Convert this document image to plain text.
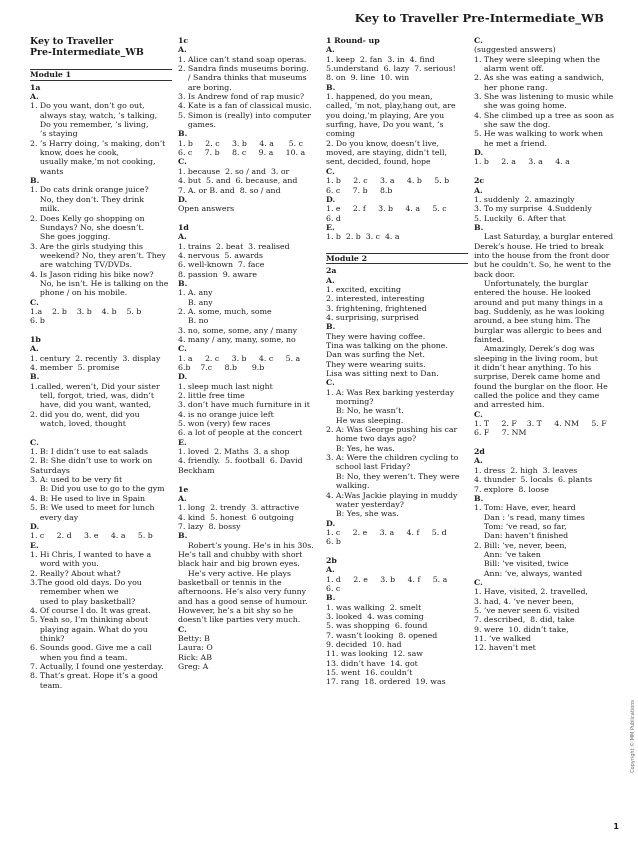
Key to Traveller Pre-Intermediate_WB
Key to Traveller
Pre-Intermediate_WB
Module 1
1a
A.
1. Do you want, don’t go out,
always stay, watch, ’s talking,
Do you remember, ’s living,
’s staying
2. ’s Harry doing, ’s making, don’t
know, does he cook,
usually make,’m not cooking,
wants
B.
1. Do cats drink orange juice?
No, they don’t. They drink
milk.
2. Does Kelly go shopping on
Sundays? No, she doesn’t.
She goes jogging.
3. Are the girls studying this
weekend? No, they aren’t. They
are watching TV/DVDs.
4. Is Jason riding his bike now?
No, he isn’t. He is talking on the
phone / on his mobile.
C.
1.a    2. b    3. b    4. b    5. b
6. b
1b
A.
1. century  2. recently  3. display
4. member  5. promise
B.
1.called, weren’t, Did your sister
tell, forgot, tried, was, didn’t
have, did you want, wanted,
2. did you do, went, did you
watch, loved, thought
C.
1. B: I didn’t use to eat salads
2. B: She didn’t use to work on
Saturdays
3. A: used to be very fit
B: Did you use to go to the gym
4. B: He used to live in Spain
5. B: We used to meet for lunch
every day
D.
1. c     2. d     3. e     4. a     5. b
E.
1. Hi Chris, I wanted to have a
word with you.
2. Really? About what?
3.The good old days. Do you
remember when we
used to play basketball?
4. Of course I do. It was great.
5. Yeah so, I’m thinking about
playing again. What do you
think?
6. Sounds good. Give me a call
when you find a team.
7. Actually, I found one yesterday.
8. That’s great. Hope it’s a good
team.
1c
A.
1. Alice can’t stand soap operas.
2. Sandra finds museums boring.
/ Sandra thinks that museums
are boring.
3. Is Andrew fond of rap music?
4. Kate is a fan of classical music.
5. Simon is (really) into computer
games.
B.
1. b     2. c     3. b     4. a      5. c
6. c     7. b     8. c     9. a     10. a
C.
1. because  2. so / and  3. or
4. but  5. and  6. because, and
7. A. or B. and  8. so / and
D.
Open answers
1d
A.
1. trains  2. beat  3. realised
4. nervous  5. awards
6. well-known  7. face
8. passion  9. aware
B.
1. A. any
B. any
2. A. some, much, some
B. no
3. no, some, some, any / many
4. many / any, many, some, no
C.
1. a     2. c     3. b     4. c     5. a
6.b    7.c     8.b      9.b
D.
1. sleep much last night
2. little free time
3. don’t have much furniture in it
4. is no orange juice left
5. won (very) few races
6. a lot of people at the concert
E.
1. loved  2. Maths  3. a shop
4. friendly.  5. football  6. David
Beckham
1e
A.
1. long  2. trendy  3. attractive
4. kind  5. honest  6 outgoing
7. lazy  8. bossy
B.
Robert’s young. He’s in his 30s.
He’s tall and chubby with short
black hair and big brown eyes.
He’s very active. He plays
basketball or tennis in the
afternoons. He’s also very funny
and has a good sense of humour.
However, he’s a bit shy so he
doesn’t like parties very much.
C.
Betty: B
Laura: O
Rick: AB
Greg: A
1 Round- up
A.
1. keep  2. fan  3. in  4. find
5.understand  6. lazy  7. serious!
8. on  9. line  10. win
B.
1. happened, do you mean,
called, ’m not, play,hang out, are
you doing,’m playing, Are you
surfing, have, Do you want, ’s
coming
2. Do you know, doesn’t live,
moved, are staying, didn’t tell,
sent, decided, found, hope
C.
1. b     2. c     3. a     4. b     5. b
6. c     7. b     8.b
D.
1. e     2. f     3. b     4. a     5. c
6. d
E.
1. b  2. b  3. c  4. a
Module 2
2a
A.
1. excited, exciting
2. interested, interesting
3. frightening, frightened
4. surprising, surprised
B.
They were having coffee.
Tina was talking on the phone.
Dan was surfing the Net.
They were wearing suits.
Lisa was sitting next to Dan.
C.
1. A: Was Rex barking yesterday
morning?
B: No, he wasn’t.
He was sleeping.
2. A: Was George pushing his car
home two days ago?
B: Yes, he was.
3. A: Were the children cycling to
school last Friday?
B: No, they weren’t. They were
walking.
4. A:Was Jackie playing in muddy
water yesterday?
B: Yes, she was.
D.
1. c     2. e     3. a     4. f     5. d
6. b
2b
A.
1. d     2. e     3. b     4. f     5. a
6. c
B.
1. was walking  2. smelt
3. looked  4. was coming
5. was shopping  6. found
7. wasn’t looking  8. opened
9. decided  10. had
11. was looking  12. saw
13. didn’t have  14. got
15. went  16. couldn’t
17. rang  18. ordered  19. was
C.
(suggested answers)
1. They were sleeping when the
alarm went off.
2. As she was eating a sandwich,
her phone rang.
3. She was listening to music while
she was going home.
4. She climbed up a tree as soon as
she saw the dog.
5. He was walking to work when
he met a friend.
D.
1. b     2. a     3. a     4. a
2c
A.
1. suddenly  2. amazingly
3. To my surprise  4.Suddenly
5. Luckily  6. After that
B.
Last Saturday, a burglar entered
Derek’s house. He tried to break
into the house from the front door
but he couldn’t. So, he went to the
back door.
Unfortunately, the burglar
entered the house. He looked
around and put many things in a
bag. Suddenly, as he was looking
around, a bee stung him. The
burglar was allergic to bees and
fainted.
Amazingly, Derek’s dog was
sleeping in the living room, but
it didn’t hear anything. To his
surprise, Derek came home and
found the burglar on the floor. He
called the police and they came
and arrested him.
C.
1. T     2. F    3. T     4. NM     5. F
6. F     7. NM
2d
A.
1. dress  2. high  3. leaves
4. thunder  5. locals  6. plants
7. explore  8. loose
B.
1. Tom: Have, ever, heard
Dan : ’s read, many times
Tom: ’ve read, so far,
Dan: haven’t finished
2. Bill: ’ve, never, been,
Ann: ’ve taken
Bill: ’ve visited, twice
Ann: ’ve, always, wanted
C.
1. Have, visited, 2. travelled,
3. had, 4. ’ve never been,
5. ’ve never seen 6. visited
7. described,  8. did, take
9. were  10. didn’t take,
11. ’ve walked
12. haven’t met
Copyright © MM Publications
1
